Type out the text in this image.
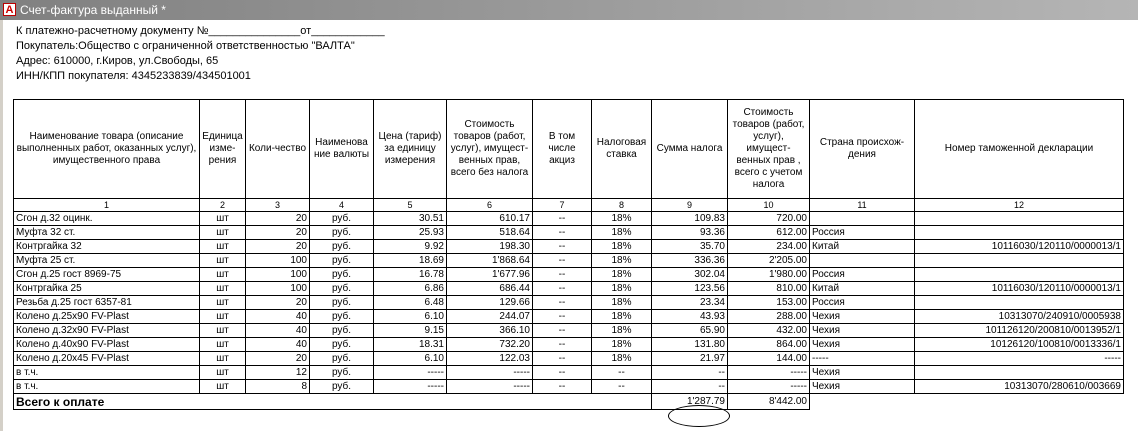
A Счет-фактура выданный *
К платежно-расчетному документу №_______________от____________
Покупатель:Общество с ограниченной ответственностью "ВАЛТА"
Адрес: 610000, г.Киров, ул.Свободы, 65
ИНН/КПП покупателя: 4345233839/434501001
Наименование товара (описание выполненных работ, оказанных услуг), имущественного права	Единица изме-рения	Коли-чество	Наименова ние валюты	Цена (тариф) за единицу измерения	Стоимость товаров (работ, услуг), имущест-венных прав, всего без налога	В том числе акциз	Налоговая ставка	Сумма налога	Стоимость товаров (работ, услуг), имущест-венных прав , всего с учетом налога	Страна происхож-дения	Номер таможенной декларации
1	2	3	4	5	6	7	8	9	10	11	12
Сгон д.32 оцинк.	шт	20	руб.	30.51	610.17	--	18%	109.83	720.00		
Муфта 32 ст.	шт	20	руб.	25.93	518.64	--	18%	93.36	612.00	Россия	
Контргайка 32	шт	20	руб.	9.92	198.30	--	18%	35.70	234.00	Китай	10116030/120110/0000013/1
Муфта 25 ст.	шт	100	руб.	18.69	1'868.64	--	18%	336.36	2'205.00		
Сгон д.25 гост 8969-75	шт	100	руб.	16.78	1'677.96	--	18%	302.04	1'980.00	Россия	
Контргайка 25	шт	100	руб.	6.86	686.44	--	18%	123.56	810.00	Китай	10116030/120110/0000013/1
Резьба д.25 гост 6357-81	шт	20	руб.	6.48	129.66	--	18%	23.34	153.00	Россия	
Колено д.25х90 FV-Plast	шт	40	руб.	6.10	244.07	--	18%	43.93	288.00	Чехия	10313070/240910/0005938
Колено д.32х90 FV-Plast	шт	40	руб.	9.15	366.10	--	18%	65.90	432.00	Чехия	101126120/200810/0013952/1
Колено д.40х90 FV-Plast	шт	40	руб.	18.31	732.20	--	18%	131.80	864.00	Чехия	10126120/100810/0013336/1
Колено д.20х45 FV-Plast	шт	20	руб.	6.10	122.03	--	18%	21.97	144.00	-----	-----
в т.ч.	шт	12	руб.	-----	-----	--	--	--	-----	Чехия	
в т.ч.	шт	8	руб.	-----	-----	--	--	--	-----	Чехия	10313070/280610/003669
Всего к оплате								1'287.79	8'442.00		
